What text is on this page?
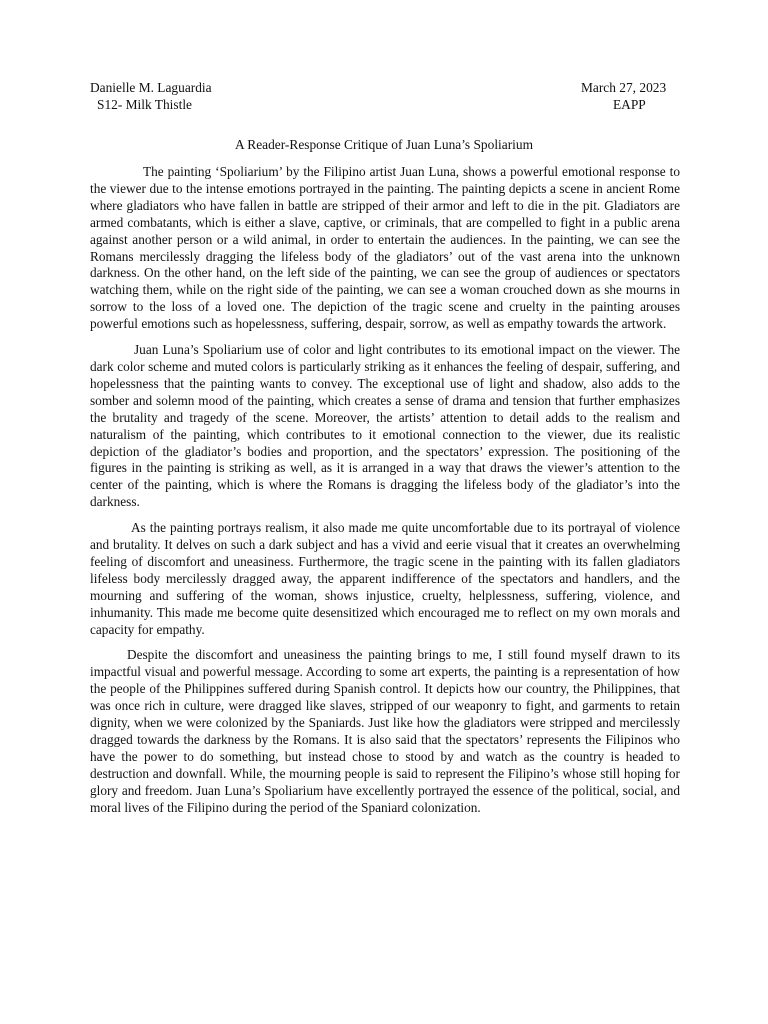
Danielle M. Laguardia
S12- Milk Thistle
March 27, 2023
EAPP
A Reader-Response Critique of Juan Luna’s Spoliarium

The painting ‘Spoliarium’ by the Filipino artist Juan Luna, shows a powerful emotional response to the viewer due to the intense emotions portrayed in the painting. The painting depicts a scene in ancient Rome where gladiators who have fallen in battle are stripped of their armor and left to die in the pit. Gladiators are armed combatants, which is either a slave, captive, or criminals, that are compelled to fight in a public arena against another person or a wild animal, in order to entertain the audiences. In the painting, we can see the Romans mercilessly dragging the lifeless body of the gladiators’ out of the vast arena into the unknown darkness. On the other hand, on the left side of the painting, we can see the group of audiences or spectators watching them, while on the right side of the painting, we can see a woman crouched down as she mourns in sorrow to the loss of a loved one. The depiction of the tragic scene and cruelty in the painting arouses powerful emotions such as hopelessness, suffering, despair, sorrow, as well as empathy towards the artwork.

Juan Luna’s Spoliarium use of color and light contributes to its emotional impact on the viewer. The dark color scheme and muted colors is particularly striking as it enhances the feeling of despair, suffering, and hopelessness that the painting wants to convey. The exceptional use of light and shadow, also adds to the somber and solemn mood of the painting, which creates a sense of drama and tension that further emphasizes the brutality and tragedy of the scene. Moreover, the artists’ attention to detail adds to the realism and naturalism of the painting, which contributes to it emotional connection to the viewer, due its realistic depiction of the gladiator’s bodies and proportion, and the spectators’ expression. The positioning of the figures in the painting is striking as well, as it is arranged in a way that draws the viewer’s attention to the center of the painting, which is where the Romans is dragging the lifeless body of the gladiator’s into the darkness.

As the painting portrays realism, it also made me quite uncomfortable due to its portrayal of violence and brutality. It delves on such a dark subject and has a vivid and eerie visual that it creates an overwhelming feeling of discomfort and uneasiness. Furthermore, the tragic scene in the painting with its fallen gladiators lifeless body mercilessly dragged away, the apparent indifference of the spectators and handlers, and the mourning and suffering of the woman, shows injustice, cruelty, helplessness, suffering, violence, and inhumanity. This made me become quite desensitized which encouraged me to reflect on my own morals and capacity for empathy.

Despite the discomfort and uneasiness the painting brings to me, I still found myself drawn to its impactful visual and powerful message. According to some art experts, the painting is a representation of how the people of the Philippines suffered during Spanish control. It depicts how our country, the Philippines, that was once rich in culture, were dragged like slaves, stripped of our weaponry to fight, and garments to retain dignity, when we were colonized by the Spaniards. Just like how the gladiators were stripped and mercilessly dragged towards the darkness by the Romans. It is also said that the spectators’ represents the Filipinos who have the power to do something, but instead chose to stood by and watch as the country is headed to destruction and downfall. While, the mourning people is said to represent the Filipino’s whose still hoping for glory and freedom. Juan Luna’s Spoliarium have excellently portrayed the essence of the political, social, and moral lives of the Filipino during the period of the Spaniard colonization.
